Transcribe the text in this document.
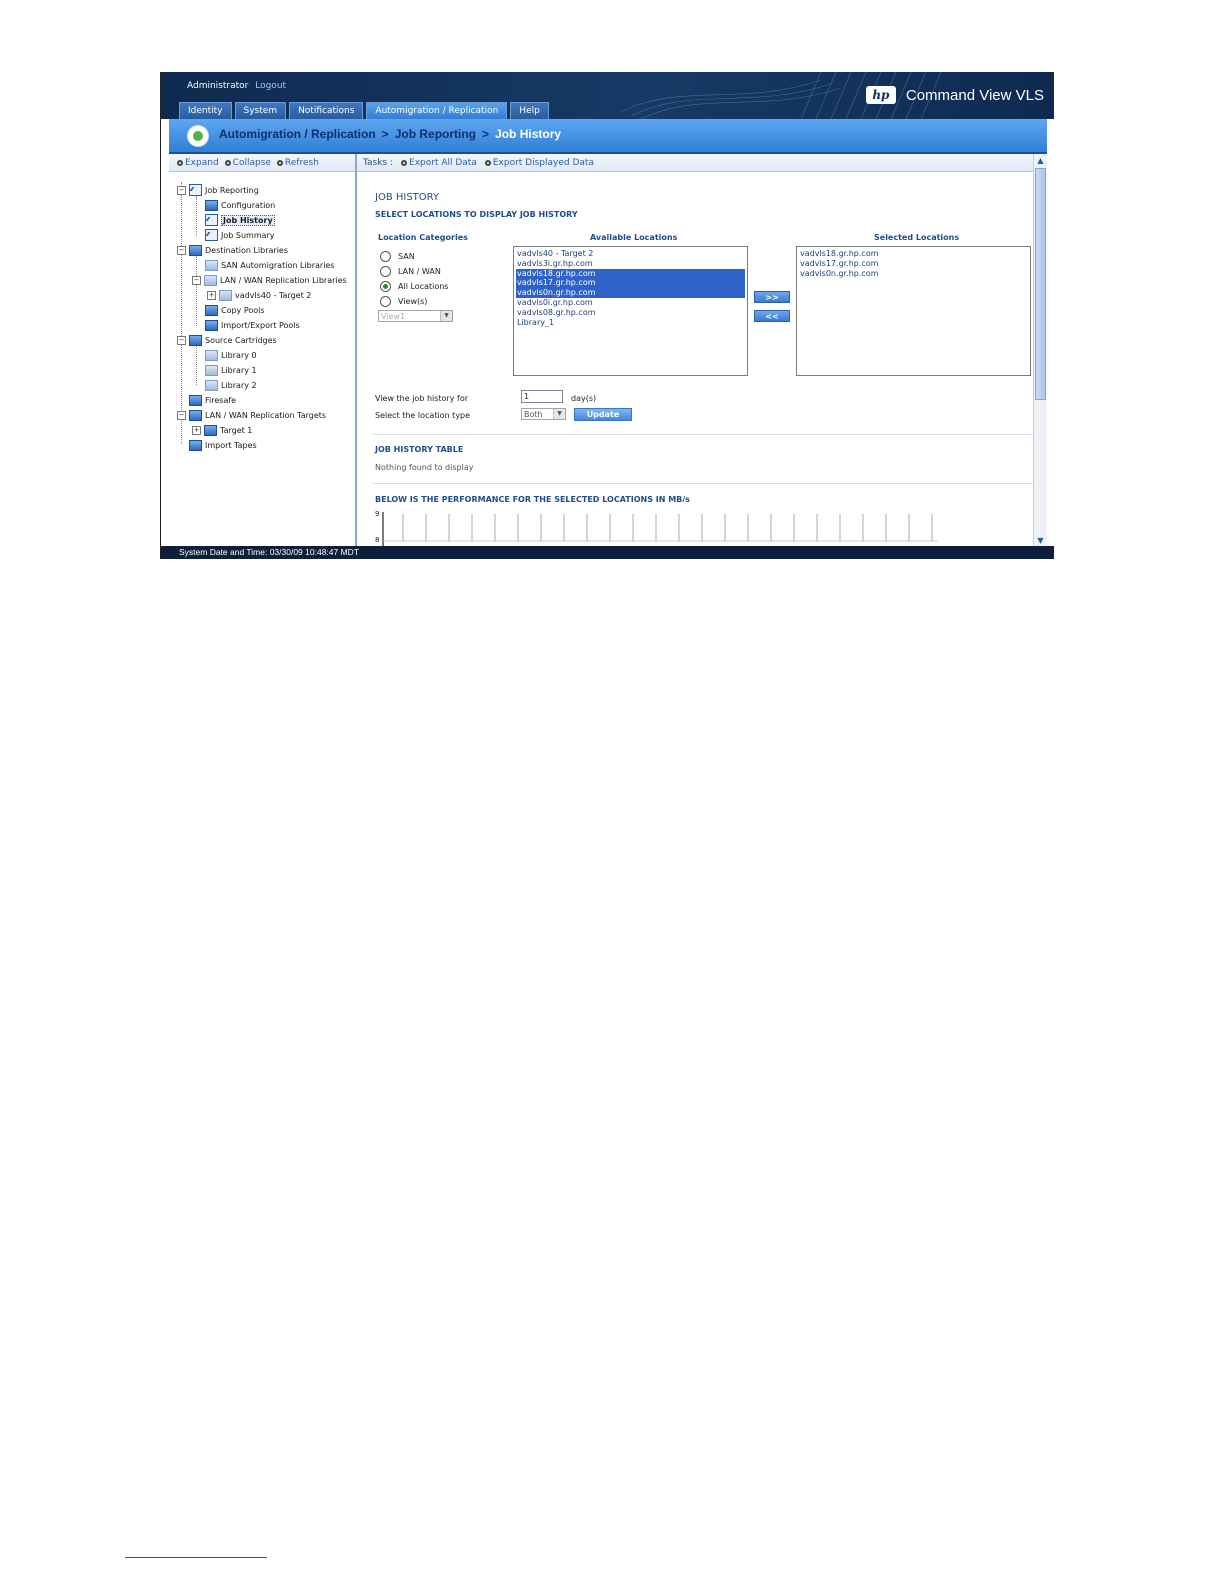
Administrator Logout
Identity	System	Notifications	Automigration / Replication	Help
hp	Command View VLS
Automigration / Replication > Job Reporting > Job History
Expand Collapse Refresh
−	Job Reporting
Configuration
Job History
Job Summary
−	Destination Libraries
SAN Automigration Libraries
−	LAN / WAN Replication Libraries
+	vadvls40 - Target 2
Copy Pools
Import/Export Pools
−	Source Cartridges
Library 0
Library 1
Library 2
Firesafe
−	LAN / WAN Replication Targets
+	Target 1
Import Tapes
Tasks : Export All Data Export Displayed Data
JOB HISTORY
SELECT LOCATIONS TO DISPLAY JOB HISTORY
Location Categories	Available Locations	Selected Locations
SAN
LAN / WAN
All Locations
View(s)
View1	▼
vadvls40 - Target 2
vadvls3i.gr.hp.com
vadvls18.gr.hp.com
vadvls17.gr.hp.com
vadvls0n.gr.hp.com
vadvls0i.gr.hp.com
vadvls08.gr.hp.com
Library_1
>>
<<
vadvls18.gr.hp.com
vadvls17.gr.hp.com
vadvls0n.gr.hp.com
View the job history for
1	day(s)
Select the location type	Both	▼	Update
JOB HISTORY TABLE
Nothing found to display
BELOW IS THE PERFORMANCE FOR THE SELECTED LOCATIONS IN MB/s
9
8
▲
▼
System Date and Time: 03/30/09 10:48:47 MDT
